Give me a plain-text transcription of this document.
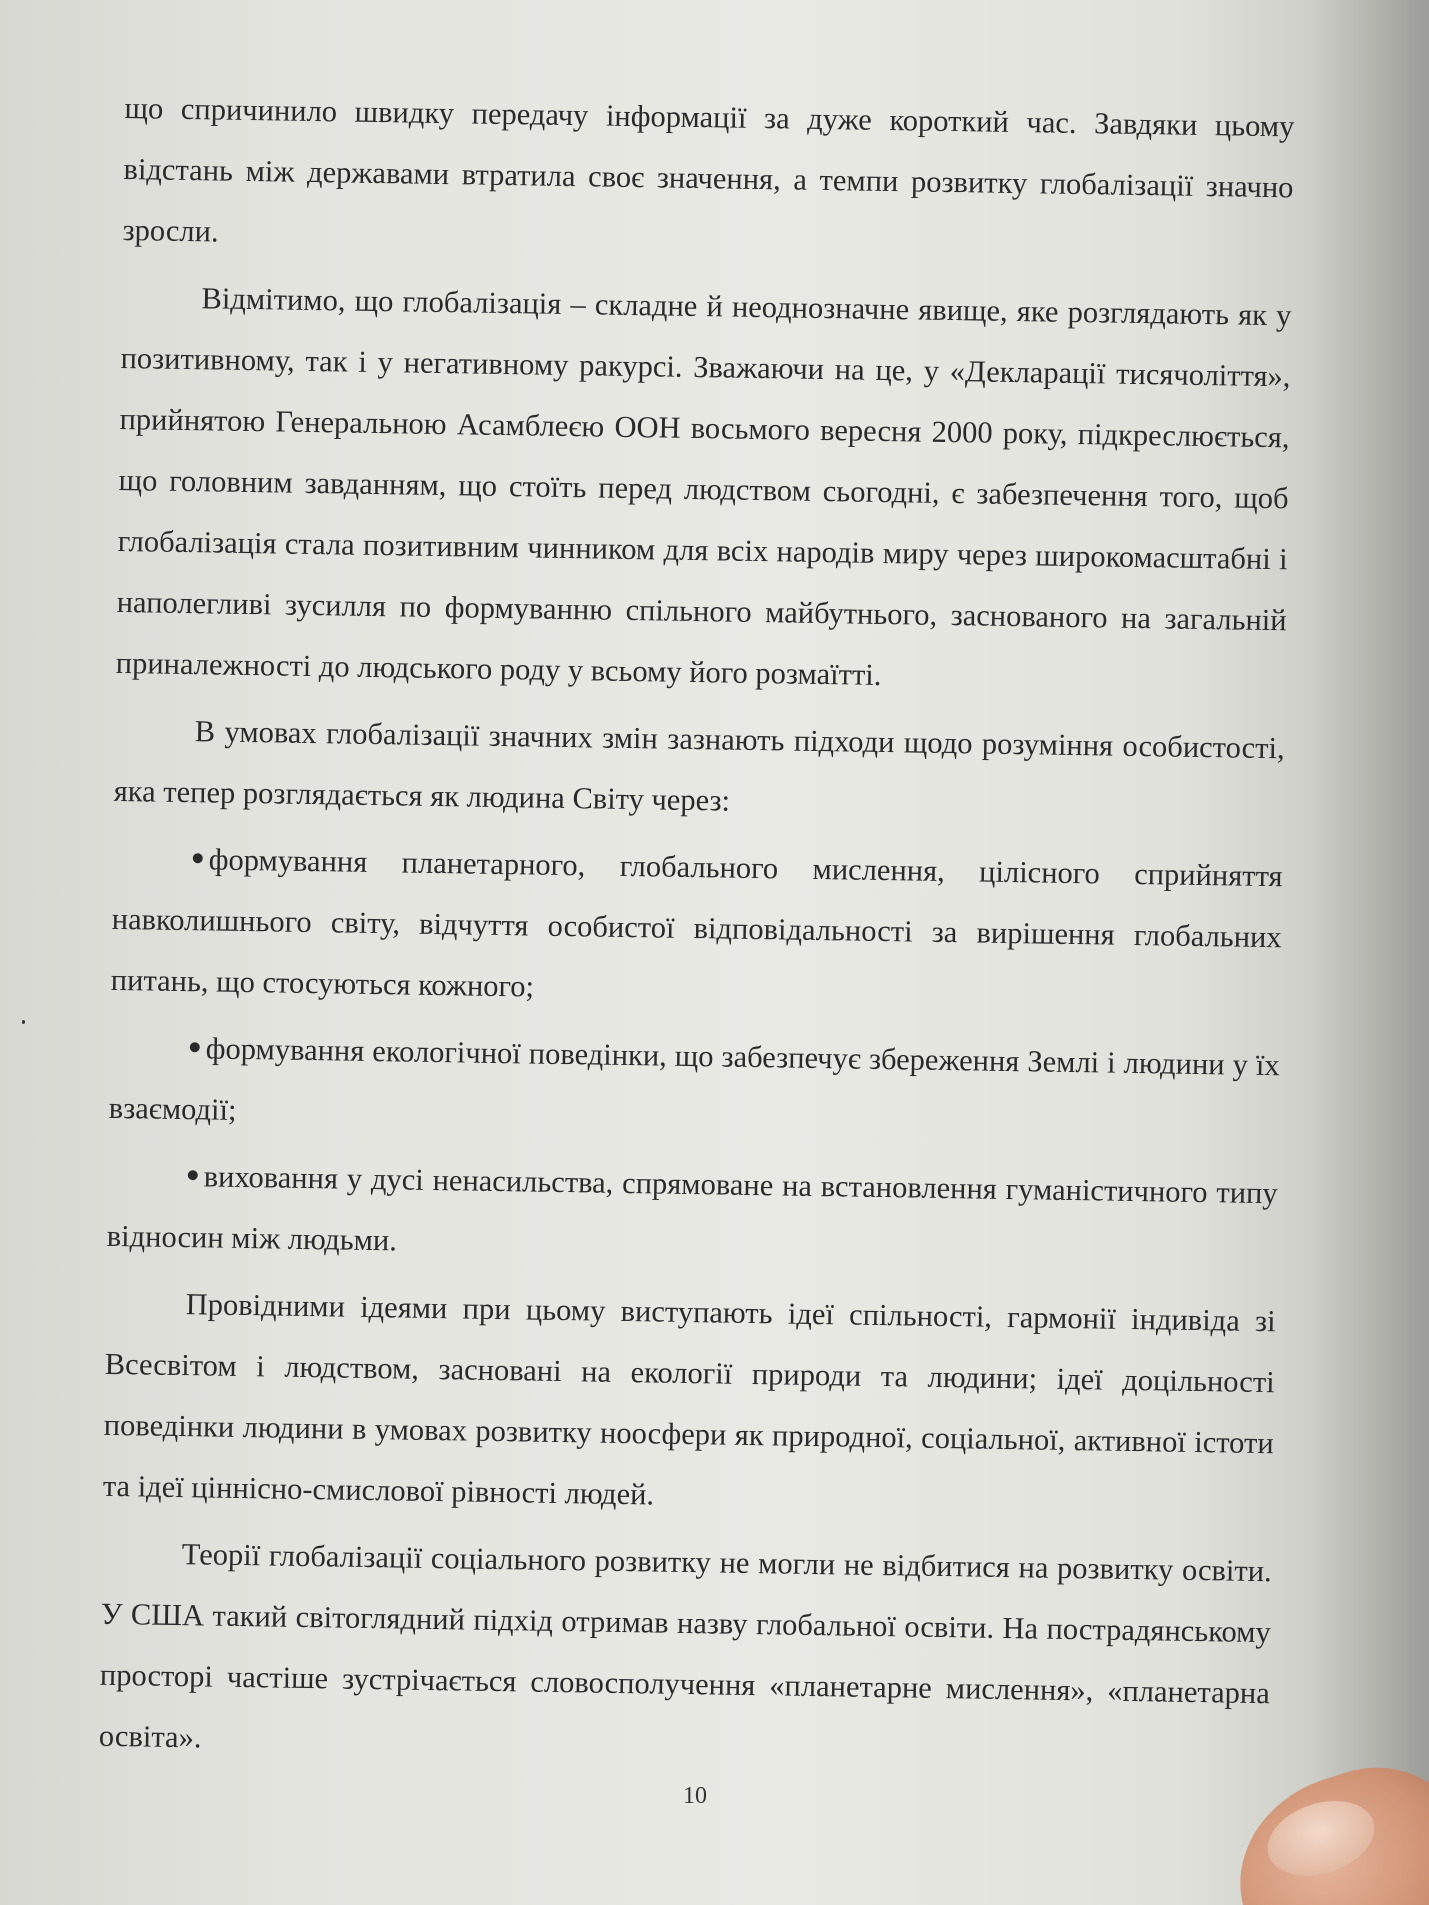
що спричинило швидку передачу інформації за дуже короткий час. Завдяки цьому відстань між державами втратила своє значення, а темпи розвитку глобалізації значно зросли.

Відмітимо, що глобалізація – складне й неоднозначне явище, яке розглядають як у позитивному, так і у негативному ракурсі. Зважаючи на це, у «Декларації тисячоліття», прийнятою Генеральною Асамблеєю ООН восьмого вересня 2000 року, підкреслюється, що головним завданням, що стоїть перед людством сьогодні, є забезпечення того, щоб глобалізація стала позитивним чинником для всіх народів миру через широкомасштабні і наполегливі зусилля по формуванню спільного майбутнього, заснованого на загальній приналежності до людського роду у всьому його розмаїтті.

В умовах глобалізації значних змін зазнають підходи щодо розуміння особистості, яка тепер розглядається як людина Світу через:

формування планетарного, глобального мислення, цілісного сприйняття навколишнього світу, відчуття особистої відповідальності за вирішення глобальних питань, що стосуються кожного;

формування екологічної поведінки, що забезпечує збереження Землі і людини у їх взаємодії;

виховання у дусі ненасильства, спрямоване на встановлення гуманістичного типу відносин між людьми.

Провідними ідеями при цьому виступають ідеї спільності, гармонії індивіда зі Всесвітом і людством, засновані на екології природи та людини; ідеї доцільності поведінки людини в умовах розвитку ноосфери як природної, соціальної, активної істоти та ідеї ціннісно-смислової рівності людей.

Теорії глобалізації соціального розвитку не могли не відбитися на розвитку освіти. У США такий світоглядний підхід отримав назву глобальної освіти. На пострадянському просторі частіше зустрічається словосполучення «планетарне мислення», «планетарна освіта».

10
